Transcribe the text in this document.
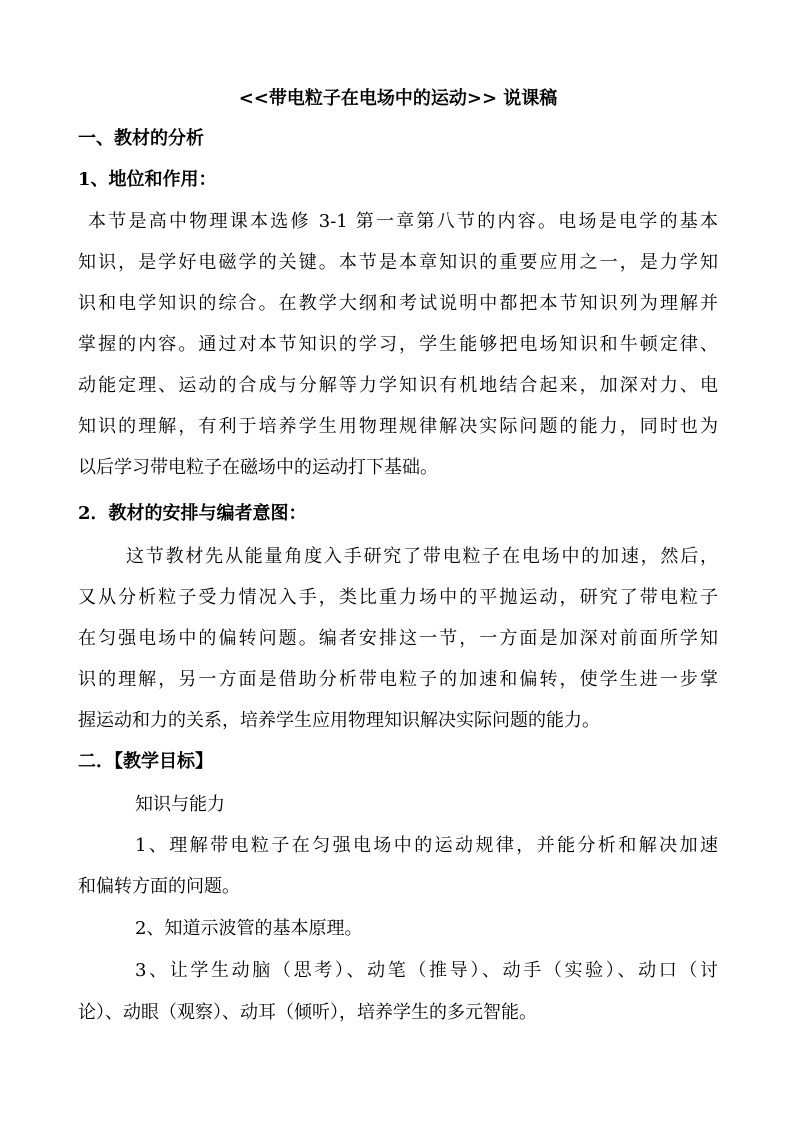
<<带电粒子在电场中的运动>> 说课稿
一、教材的分析
1、地位和作用：
本节是高中物理课本选修 3-1 第一章第八节的内容。电场是电学的基本
知识，是学好电磁学的关键。本节是本章知识的重要应用之一，是力学知
识和电学知识的综合。在教学大纲和考试说明中都把本节知识列为理解并
掌握的内容。通过对本节知识的学习，学生能够把电场知识和牛顿定律、
动能定理、运动的合成与分解等力学知识有机地结合起来，加深对力、电
知识的理解，有利于培养学生用物理规律解决实际问题的能力，同时也为
以后学习带电粒子在磁场中的运动打下基础。
2．教材的安排与编者意图：
这节教材先从能量角度入手研究了带电粒子在电场中的加速，然后，
又从分析粒子受力情况入手，类比重力场中的平抛运动，研究了带电粒子
在匀强电场中的偏转问题。编者安排这一节，一方面是加深对前面所学知
识的理解，另一方面是借助分析带电粒子的加速和偏转，使学生进一步掌
握运动和力的关系，培养学生应用物理知识解决实际问题的能力。
二．【教学目标】
知识与能力
1、理解带电粒子在匀强电场中的运动规律，并能分析和解决加速
和偏转方面的问题。
2、知道示波管的基本原理。
3、让学生动脑（思考）、动笔（推导）、动手（实验）、动口（讨
论）、动眼（观察）、动耳（倾听），培养学生的多元智能。
